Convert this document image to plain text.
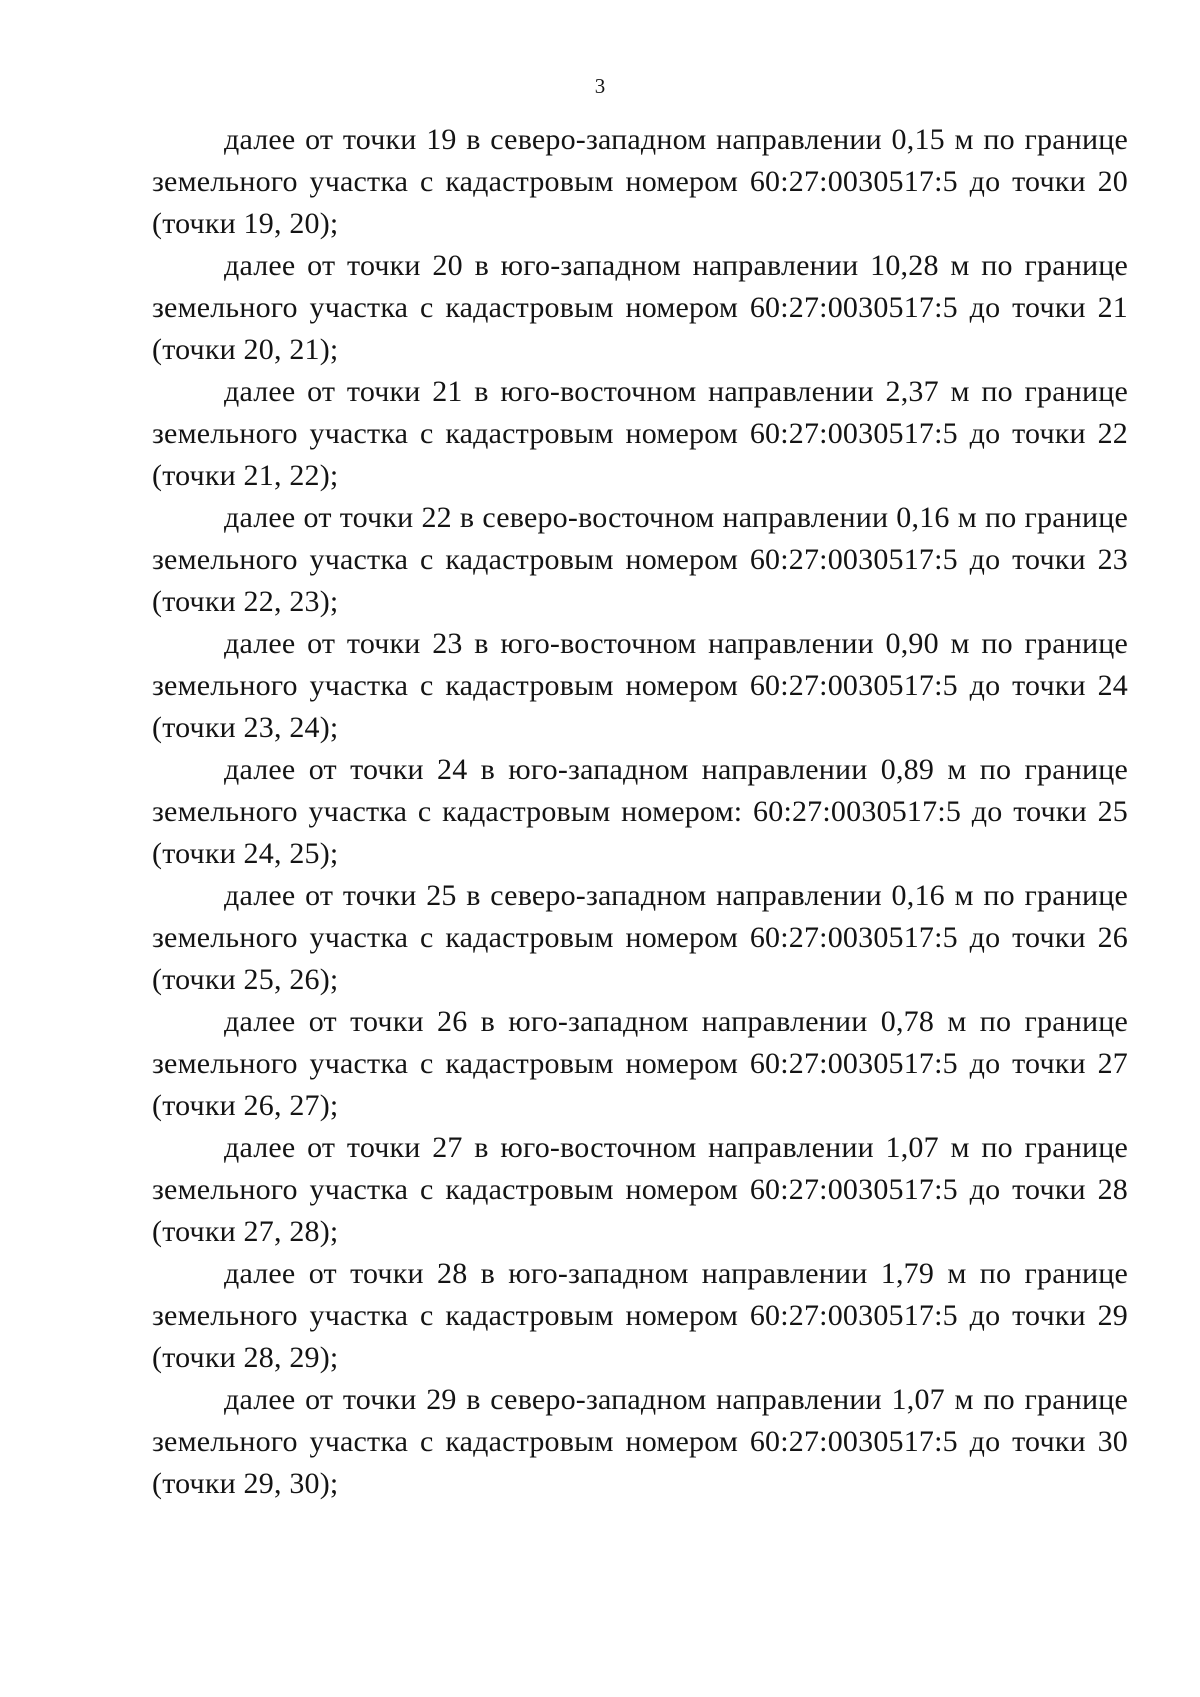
3

далее от точки 19 в северо-западном направлении 0,15 м по границе земельного участка с кадастровым номером 60:27:0030517:5 до точки 20 (точки 19, 20);

далее от точки 20 в юго-западном направлении 10,28 м по границе земельного участка с кадастровым номером 60:27:0030517:5 до точки 21 (точки 20, 21);

далее от точки 21 в юго-восточном направлении 2,37 м по границе земельного участка с кадастровым номером 60:27:0030517:5 до точки 22 (точки 21, 22);

далее от точки 22 в северо-восточном направлении 0,16 м по границе земельного участка с кадастровым номером 60:27:0030517:5 до точки 23 (точки 22, 23);

далее от точки 23 в юго-восточном направлении 0,90 м по границе земельного участка с кадастровым номером 60:27:0030517:5 до точки 24 (точки 23, 24);

далее от точки 24 в юго-западном направлении 0,89 м по границе земельного участка с кадастровым номером: 60:27:0030517:5 до точки 25 (точки 24, 25);

далее от точки 25 в северо-западном направлении 0,16 м по границе земельного участка с кадастровым номером 60:27:0030517:5 до точки 26 (точки 25, 26);

далее от точки 26 в юго-западном направлении 0,78 м по границе земельного участка с кадастровым номером 60:27:0030517:5 до точки 27 (точки 26, 27);

далее от точки 27 в юго-восточном направлении 1,07 м по границе земельного участка с кадастровым номером 60:27:0030517:5 до точки 28 (точки 27, 28);

далее от точки 28 в юго-западном направлении 1,79 м по границе земельного участка с кадастровым номером 60:27:0030517:5 до точки 29 (точки 28, 29);

далее от точки 29 в северо-западном направлении 1,07 м по границе земельного участка с кадастровым номером 60:27:0030517:5 до точки 30 (точки 29, 30);
